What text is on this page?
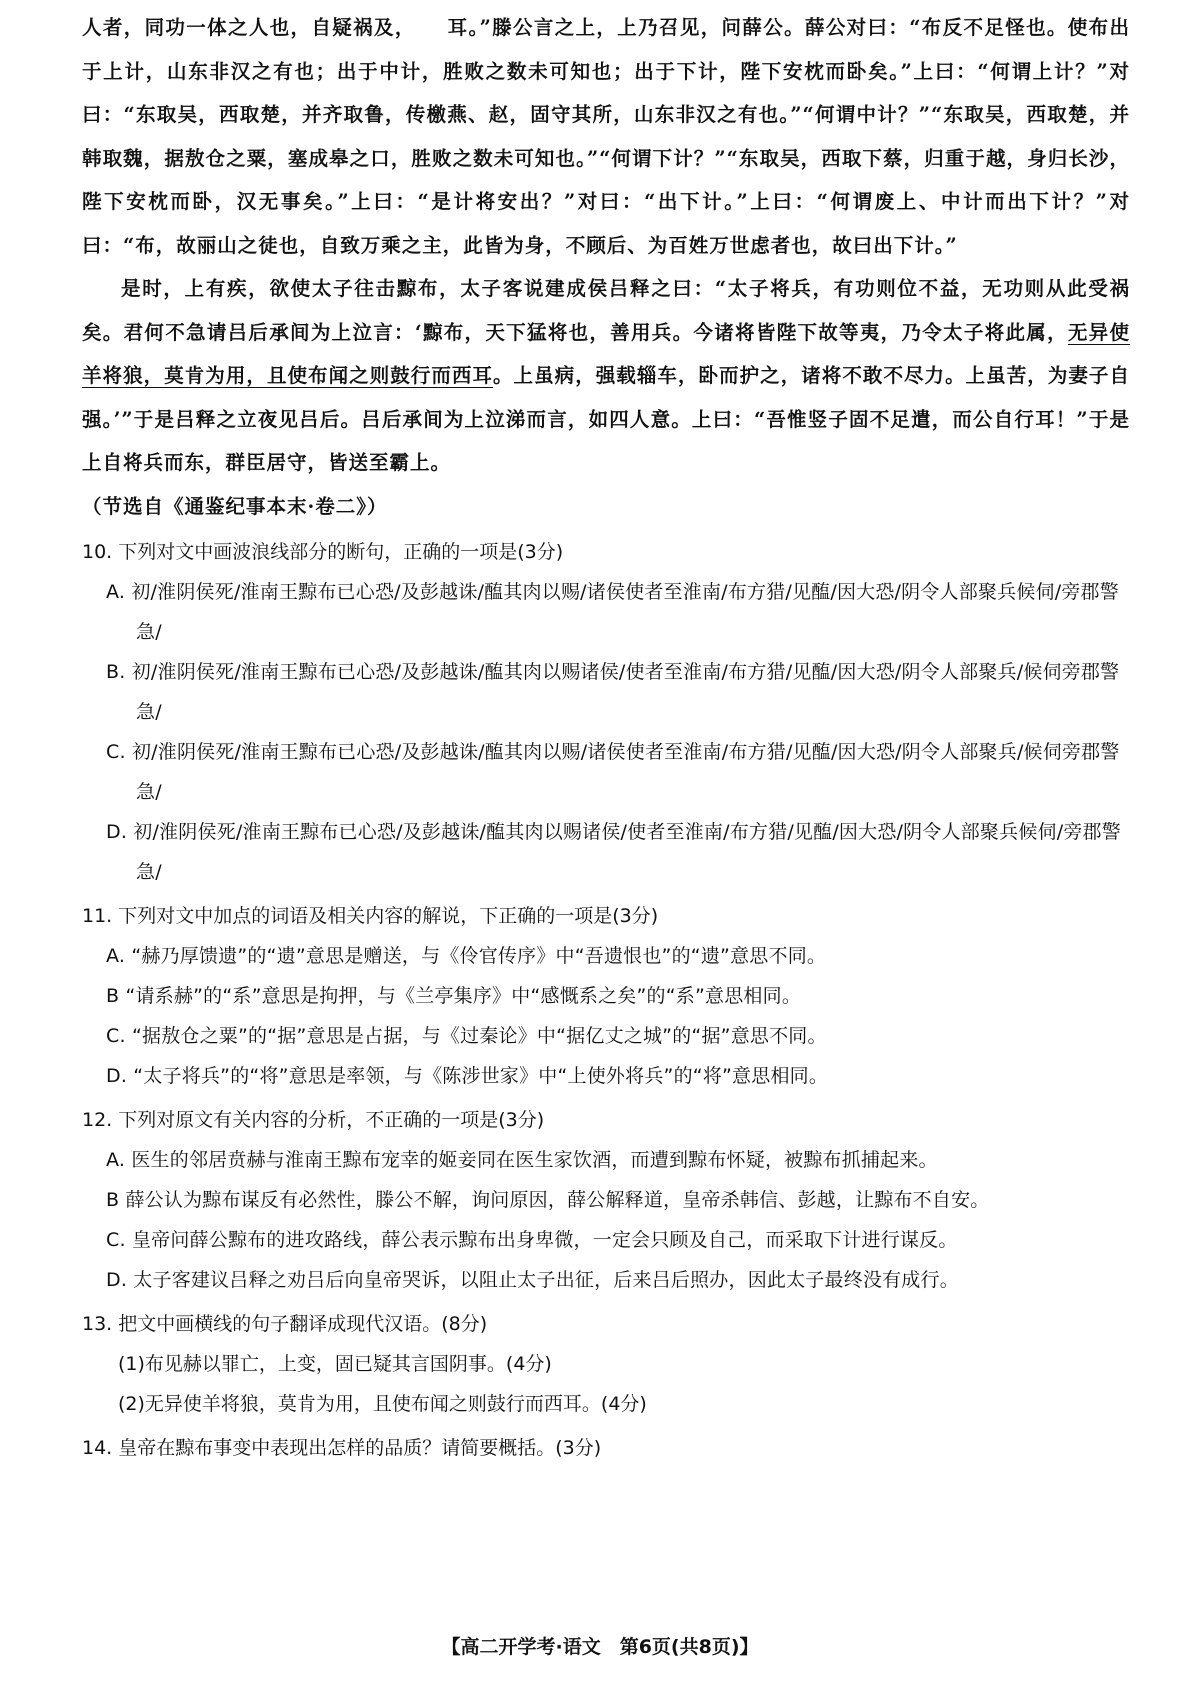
人者，同功一体之人也，自疑祸及，　　耳。”滕公言之上，上乃召见，问薛公。薛公对曰：“布反不足怪也。使布出于上计，山东非汉之有也；出于中计，胜败之数未可知也；出于下计，陛下安枕而卧矣。”上曰：“何谓上计？”对曰：“东取吴，西取楚，并齐取鲁，传檄燕、赵，固守其所，山东非汉之有也。”“何谓中计？”“东取吴，西取楚，并韩取魏，据敖仓之粟，塞成皋之口，胜败之数未可知也。”“何谓下计？”“东取吴，西取下蔡，归重于越，身归长沙，陛下安枕而卧，汉无事矣。”上曰：“是计将安出？”对曰：“出下计。”上曰：“何谓废上、中计而出下计？”对曰：“布，故丽山之徒也，自致万乘之主，此皆为身，不顾后、为百姓万世虑者也，故曰出下计。”

是时，上有疾，欲使太子往击黥布，太子客说建成侯吕释之曰：“太子将兵，有功则位不益，无功则从此受祸矣。君何不急请吕后承间为上泣言：‘黥布，天下猛将也，善用兵。今诸将皆陛下故等夷，乃令太子将此属，无异使羊将狼，莫肯为用，且使布闻之则鼓行而西耳。上虽病，强载辎车，卧而护之，诸将不敢不尽力。上虽苦，为妻子自强。’”于是吕释之立夜见吕后。吕后承间为上泣涕而言，如四人意。上曰：“吾惟竖子固不足遣，而公自行耳！”于是上自将兵而东，群臣居守，皆送至霸上。

（节选自《通鉴纪事本末·卷二》）

10. 下列对文中画波浪线部分的断句，正确的一项是(3分)

A. 初/淮阴侯死/淮南王黥布已心恐/及彭越诛/醢其肉以赐/诸侯使者至淮南/布方猎/见醢/因大恐/阴令人部聚兵候伺/旁郡警急/

B. 初/淮阴侯死/淮南王黥布已心恐/及彭越诛/醢其肉以赐诸侯/使者至淮南/布方猎/见醢/因大恐/阴令人部聚兵/候伺旁郡警急/

C. 初/淮阴侯死/淮南王黥布已心恐/及彭越诛/醢其肉以赐/诸侯使者至淮南/布方猎/见醢/因大恐/阴令人部聚兵/候伺旁郡警急/

D. 初/淮阴侯死/淮南王黥布已心恐/及彭越诛/醢其肉以赐诸侯/使者至淮南/布方猎/见醢/因大恐/阴令人部聚兵候伺/旁郡警急/

11. 下列对文中加点的词语及相关内容的解说，下正确的一项是(3分)

A. “赫乃厚馈遗”的“遗”意思是赠送，与《伶官传序》中“吾遗恨也”的“遗”意思不同。

B “请系赫”的“系”意思是拘押，与《兰亭集序》中“感慨系之矣”的“系”意思相同。

C. “据敖仓之粟”的“据”意思是占据，与《过秦论》中“据亿丈之城”的“据”意思不同。

D. “太子将兵”的“将”意思是率领，与《陈涉世家》中“上使外将兵”的“将”意思相同。

12. 下列对原文有关内容的分析，不正确的一项是(3分)

A. 医生的邻居贲赫与淮南王黥布宠幸的姬妾同在医生家饮酒，而遭到黥布怀疑，被黥布抓捕起来。

B 薛公认为黥布谋反有必然性，滕公不解，询问原因，薛公解释道，皇帝杀韩信、彭越，让黥布不自安。

C. 皇帝问薛公黥布的进攻路线，薛公表示黥布出身卑微，一定会只顾及自己，而采取下计进行谋反。

D. 太子客建议吕释之劝吕后向皇帝哭诉，以阻止太子出征，后来吕后照办，因此太子最终没有成行。

13. 把文中画横线的句子翻译成现代汉语。(8分)

(1)布见赫以罪亡，上变，固已疑其言国阴事。(4分)

(2)无异使羊将狼，莫肯为用，且使布闻之则鼓行而西耳。(4分)

14. 皇帝在黥布事变中表现出怎样的品质？请简要概括。(3分)

【高二开学考·语文　第6页(共8页)】
